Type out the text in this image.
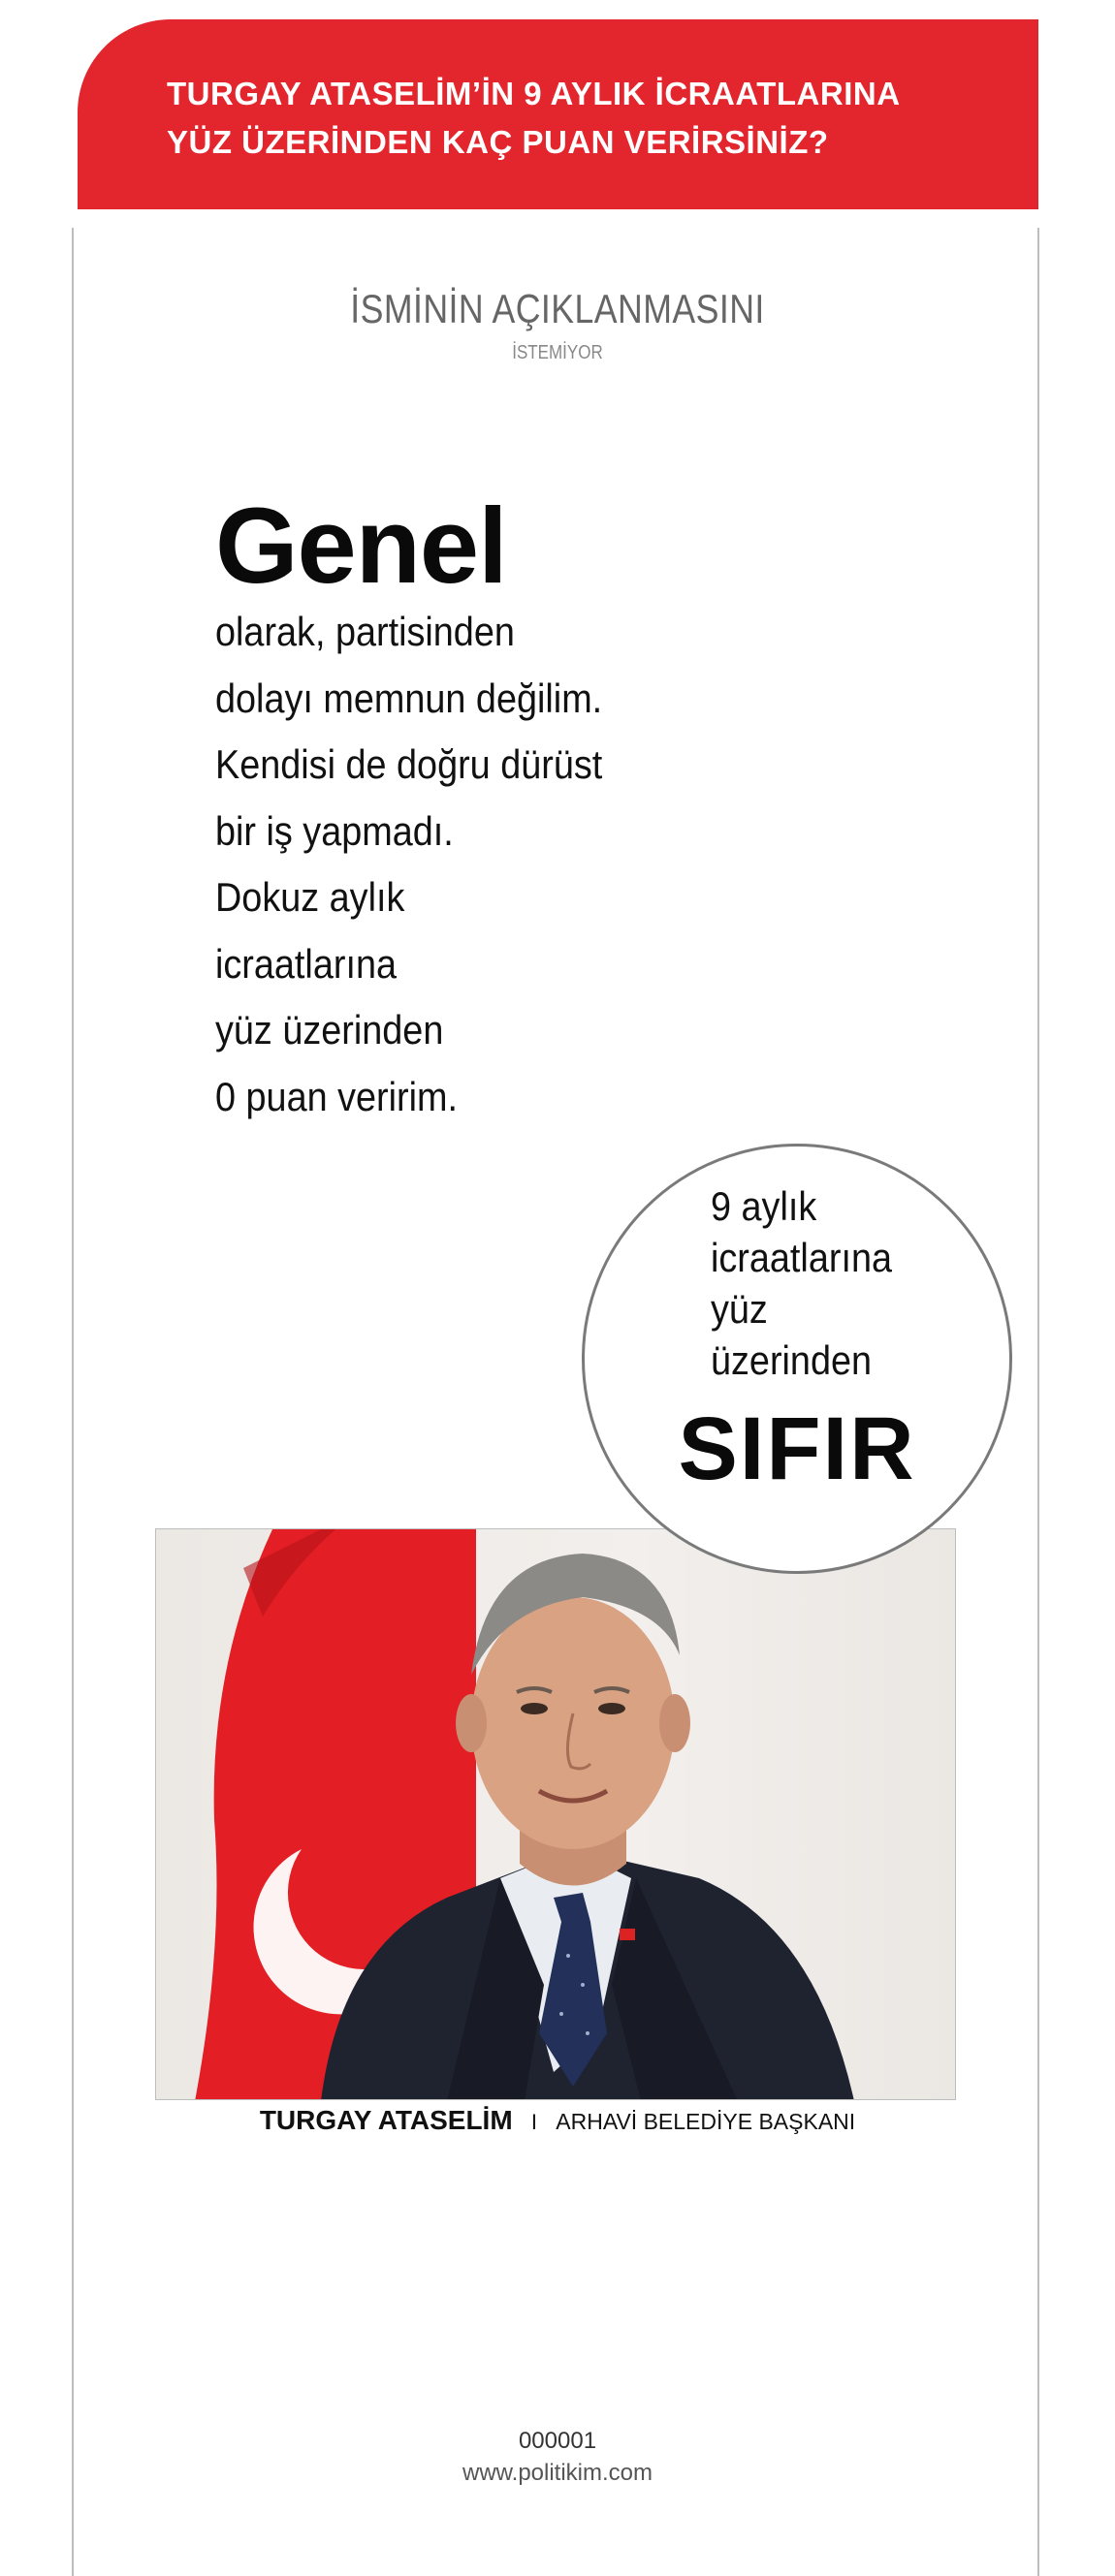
TURGAY ATASELİM’İN 9 AYLIK İCRAATLARINA
YÜZ ÜZERİNDEN KAÇ PUAN VERİRSİNİZ?
İSMİNİN AÇIKLANMASINI
İSTEMİYOR
Genel
olarak, partisinden
dolayı memnun değilim.
Kendisi de doğru dürüst
bir iş yapmadı.
Dokuz aylık
icraatlarına
yüz üzerinden
0 puan veririm.
9 aylık
icraatlarına
yüz
üzerinden
SIFIR
TURGAY ATASELİM I ARHAVİ BELEDİYE BAŞKANI
000001
www.politikim.com
